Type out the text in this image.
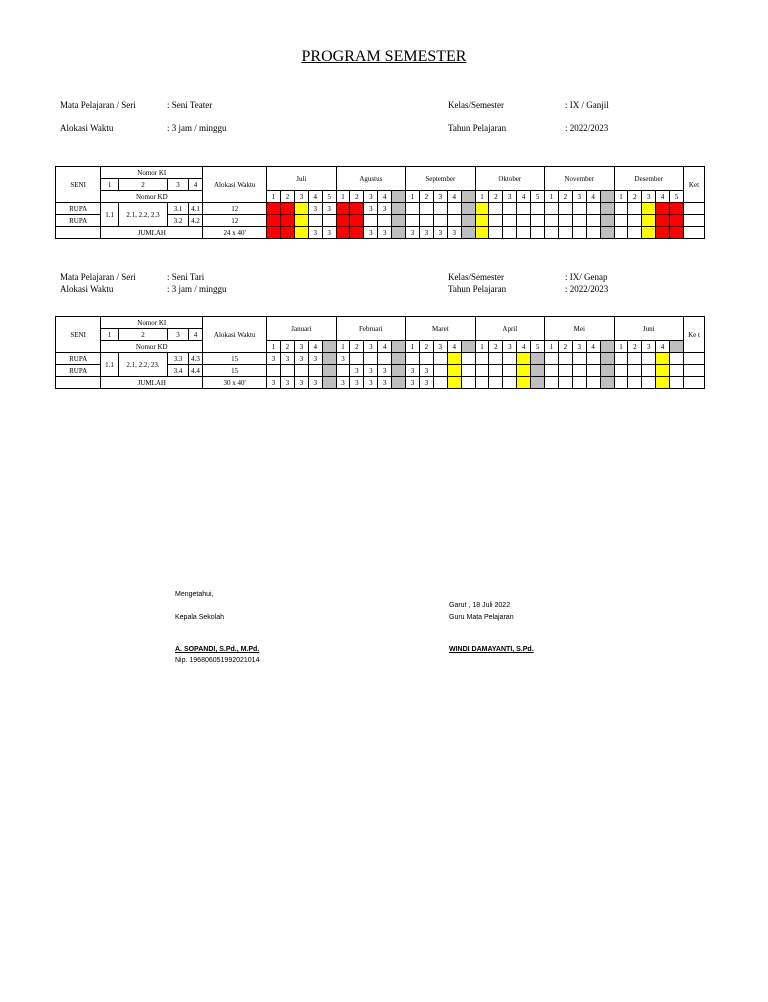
PROGRAM SEMESTER
Mata Pelajaran / Seri	: Seni Teater	Kelas/Semester	: IX / Ganjil
Alokasi Waktu	: 3 jam / minggu	Tahun Pelajaran	: 2022/2023
SENI	Nomor KI				Alokasi Waktu	Juli					Agustus					September					Oktober					November					Desember					Ket
	1	2	3	4																																
	Nomor KD					1	2	3	4	5	1	2	3	4		1	2	3	4		1	2	3	4	5	1	2	3	4		1	2	3	4	5	
RUPA	1.1	2.1, 2.2, 2.3	3.1	4.1	12				3	3			3	3																						
RUPA			3.2	4.2	12																															
	JUMLAH				24 x 40'				3	3			3	3		3	3	3	3																	
Mata Pelajaran / Seri	: Seni Tari	Kelas/Semester	: IX/ Genap
Alokasi Waktu	: 3 jam / minggu	Tahun Pelajaran	: 2022/2023
SENI	Nomor KI				Alokasi Waktu	Januari					Februari					Maret					April					Mei					Juni					Ke t
	1	2	3	4																																
	Nomor KD					1	2	3	4		1	2	3	4		1	2	3	4		1	2	3	4	5	1	2	3	4		1	2	3	4		
RUPA	1.1	2.1, 2.2, 23.	3.3	4.3	15	3	3	3	3		3																									
RUPA			3.4	4.4	15							3	3	3		3	3																			
	JUMLAH				30 x 40'	3	3	3	3		3	3	3	3		3	3																			
Mengetahui,
Kepala Sekolah
A. SOPANDI, S.Pd., M.Pd.
Nip. 196806051992021014
Garut , 18 Juli 2022
Guru Mata Pelajaran
WINDI DAMAYANTI, S.Pd.
